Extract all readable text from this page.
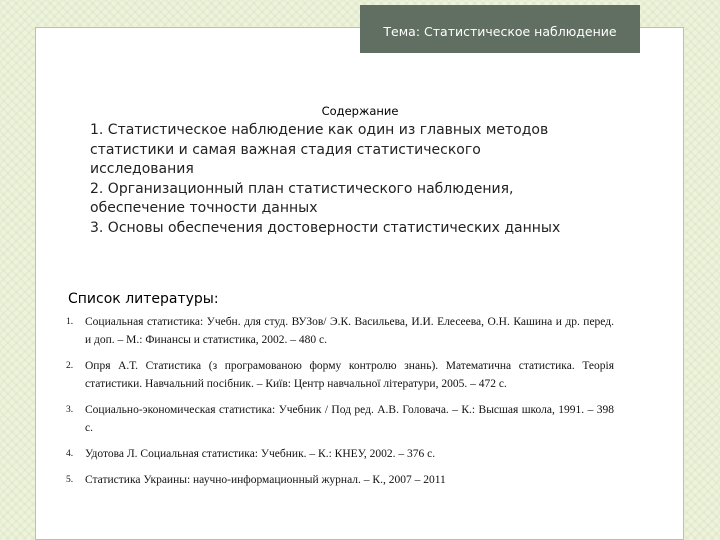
Тема: Статистическое наблюдение
Содержание
1. Статистическое наблюдение как один из главных методов
статистики и самая важная стадия статистического
исследования
2. Организационный план статистического наблюдения,
обеспечение точности данных
3. Основы обеспечения достоверности статистических данных
Список литературы:
1. Социальная статистика: Учебн. для студ. ВУЗов/ Э.К. Васильева, И.И. Елесеева, О.Н. Кашина и др. перед. и доп. – М.: Финансы и статистика, 2002. – 480 с.
2. Опря А.Т. Статистика (з програмованою форму контролю знань). Математична статистика. Теорія статистики. Навчальний посібник. – Київ: Центр навчальної літератури, 2005. – 472 с.
3. Социально-экономическая статистика: Учебник / Под ред. А.В. Головача. – К.: Высшая школа, 1991. – 398 с.
4. Удотова Л. Социальная статистика: Учебник. – К.: КНЕУ, 2002. – 376 с.
5. Статистика Украины: научно-информационный журнал. – К., 2007 – 2011
